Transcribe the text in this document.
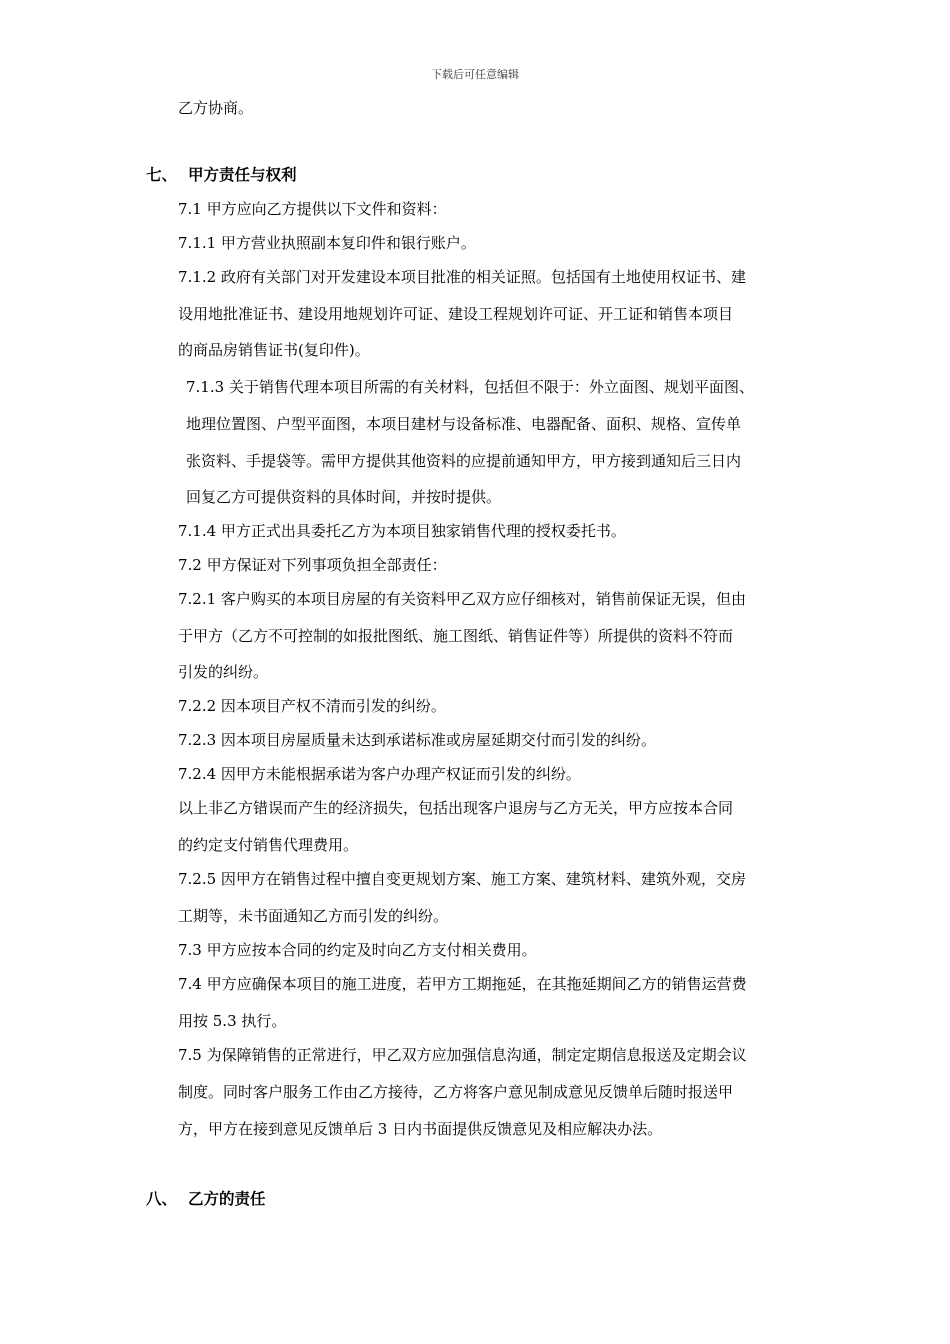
下载后可任意编辑
乙方协商。
七、 甲方责任与权利
7.1 甲方应向乙方提供以下文件和资料：
7.1.1 甲方营业执照副本复印件和银行账户。
7.1.2 政府有关部门对开发建设本项目批准的相关证照。包括国有土地使用权证书、建
设用地批准证书、建设用地规划许可证、建设工程规划许可证、开工证和销售本项目
的商品房销售证书(复印件)。
7.1.3 关于销售代理本项目所需的有关材料，包括但不限于：外立面图、规划平面图、
地理位置图、户型平面图，本项目建材与设备标准、电器配备、面积、规格、宣传单
张资料、手提袋等。需甲方提供其他资料的应提前通知甲方，甲方接到通知后三日内
回复乙方可提供资料的具体时间，并按时提供。
7.1.4 甲方正式出具委托乙方为本项目独家销售代理的授权委托书。
7.2 甲方保证对下列事项负担全部责任：
7.2.1 客户购买的本项目房屋的有关资料甲乙双方应仔细核对，销售前保证无误，但由
于甲方（乙方不可控制的如报批图纸、施工图纸、销售证件等）所提供的资料不符而
引发的纠纷。
7.2.2 因本项目产权不清而引发的纠纷。
7.2.3 因本项目房屋质量未达到承诺标准或房屋延期交付而引发的纠纷。
7.2.4 因甲方未能根据承诺为客户办理产权证而引发的纠纷。
以上非乙方错误而产生的经济损失，包括出现客户退房与乙方无关，甲方应按本合同
的约定支付销售代理费用。
7.2.5 因甲方在销售过程中擅自变更规划方案、施工方案、建筑材料、建筑外观，交房
工期等，未书面通知乙方而引发的纠纷。
7.3 甲方应按本合同的约定及时向乙方支付相关费用。
7.4 甲方应确保本项目的施工进度，若甲方工期拖延，在其拖延期间乙方的销售运营费
用按 5.3 执行。
7.5 为保障销售的正常进行，甲乙双方应加强信息沟通，制定定期信息报送及定期会议
制度。同时客户服务工作由乙方接待，乙方将客户意见制成意见反馈单后随时报送甲
方，甲方在接到意见反馈单后 3 日内书面提供反馈意见及相应解决办法。
八、 乙方的责任
